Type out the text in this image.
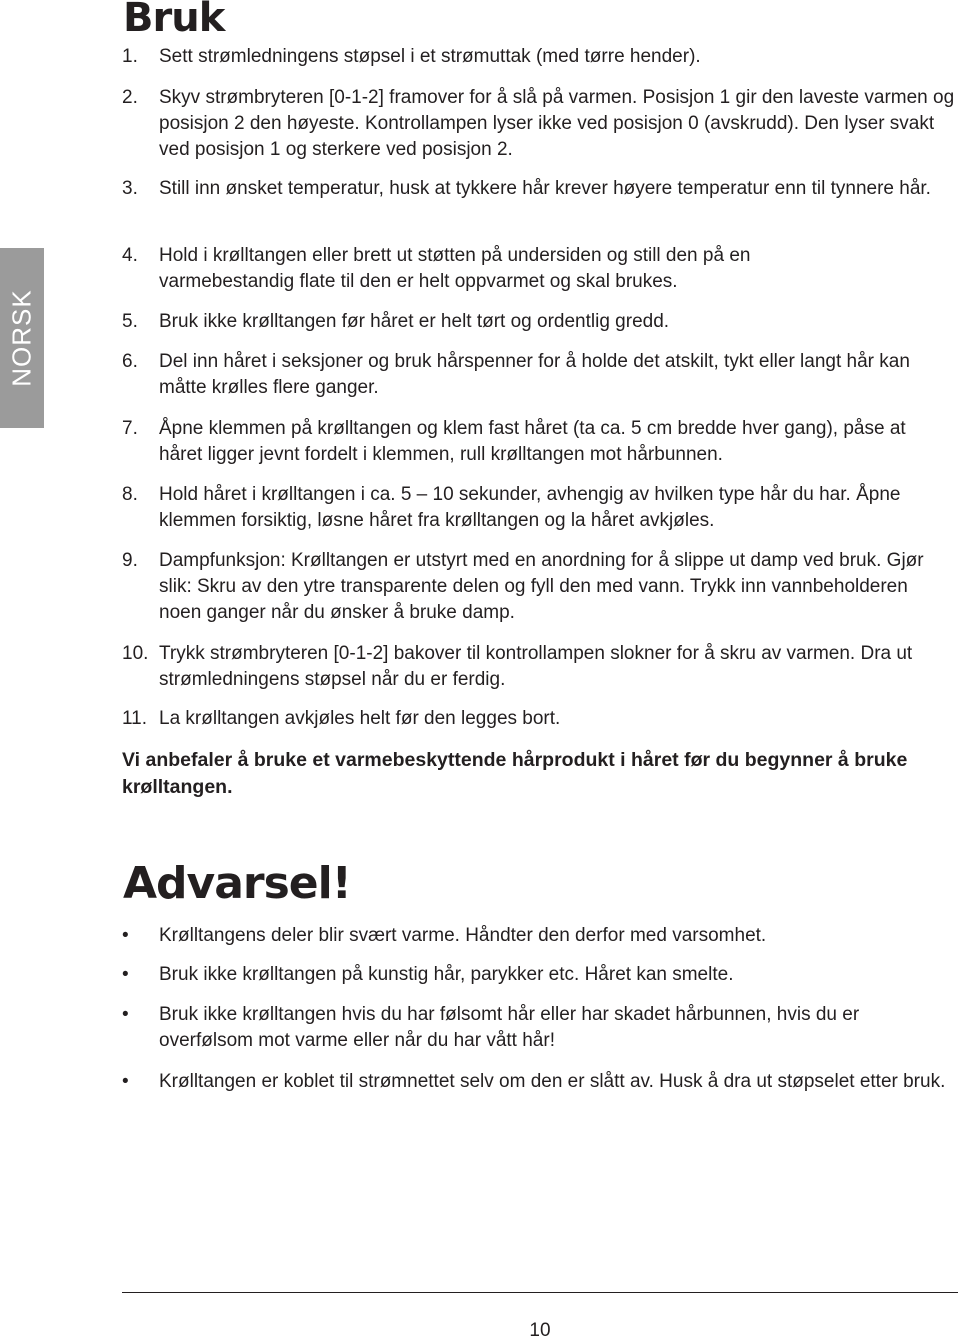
NORSK
Bruk
1. Sett strømledningens støpsel i et strømuttak (med tørre hender).

2. Skyv strømbryteren [0-1-2] framover for å slå på varmen. Posisjon 1 gir den laveste varmen og posisjon 2 den høyeste. Kontrollampen lyser ikke ved posisjon 0 (avskrudd). Den lyser svakt ved posisjon 1 og sterkere ved posisjon 2.

3. Still inn ønsket temperatur, husk at tykkere hår krever høyere temperatur enn til tynnere hår.

4. Hold i krølltangen eller brett ut støtten på undersiden og still den på en varmebestandig flate til den er helt oppvarmet og skal brukes.

5. Bruk ikke krølltangen før håret er helt tørt og ordentlig gredd.

6. Del inn håret i seksjoner og bruk hårspenner for å holde det atskilt, tykt eller langt hår kan måtte krølles flere ganger.

7. Åpne klemmen på krølltangen og klem fast håret (ta ca. 5 cm bredde hver gang), påse at håret ligger jevnt fordelt i klemmen, rull krølltangen mot hårbunnen.

8. Hold håret i krølltangen i ca. 5 – 10 sekunder, avhengig av hvilken type hår du har. Åpne klemmen forsiktig, løsne håret fra krølltangen og la håret avkjøles.

9. Dampfunksjon: Krølltangen er utstyrt med en anordning for å slippe ut damp ved bruk. Gjør slik: Skru av den ytre transparente delen og fyll den med vann. Trykk inn vannbeholderen noen ganger når du ønsker å bruke damp.

10. Trykk strømbryteren [0-1-2] bakover til kontrollampen slokner for å skru av varmen. Dra ut strømledningens støpsel når du er ferdig.

11. La krølltangen avkjøles helt før den legges bort.

Vi anbefaler å bruke et varmebeskyttende hårprodukt i håret før du begynner å bruke krølltangen.

Advarsel!
• Krølltangens deler blir svært varme. Håndter den derfor med varsomhet.

• Bruk ikke krølltangen på kunstig hår, parykker etc. Håret kan smelte.

• Bruk ikke krølltangen hvis du har følsomt hår eller har skadet hårbunnen, hvis du er overfølsom mot varme eller når du har vått hår!

• Krølltangen er koblet til strømnettet selv om den er slått av. Husk å dra ut støpselet etter bruk.

10
